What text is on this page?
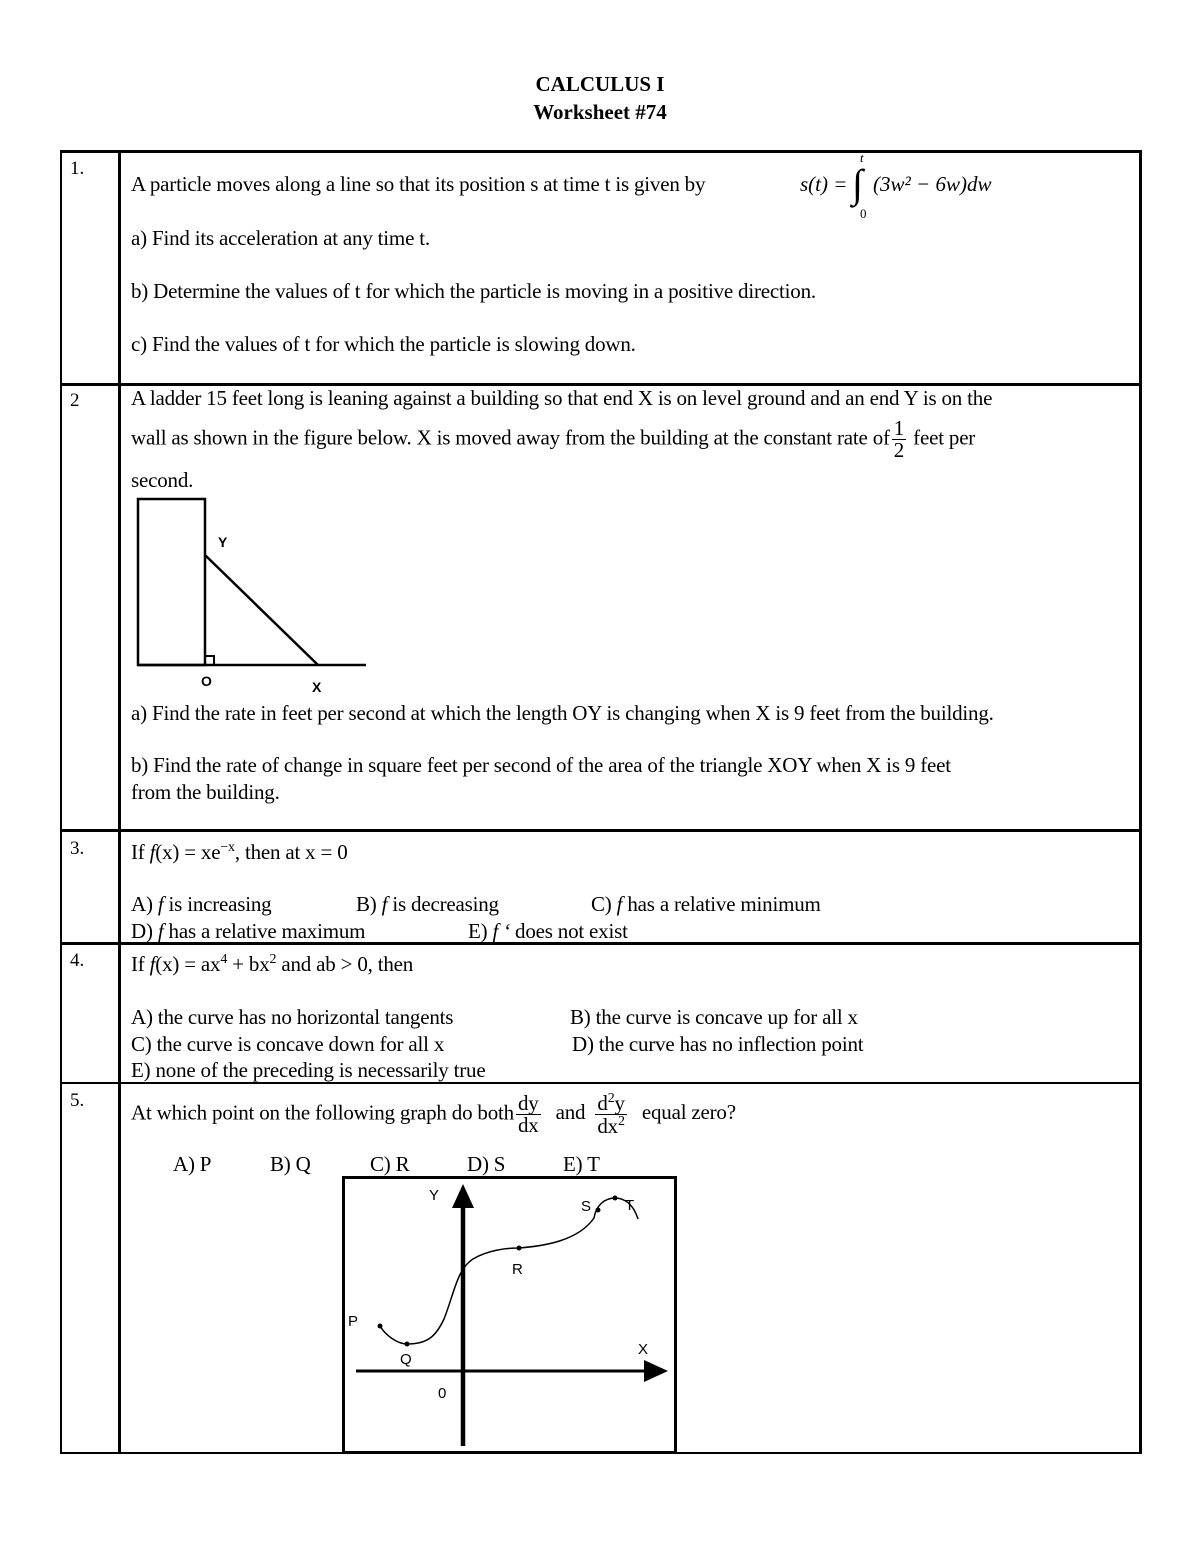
CALCULUS I
Worksheet #74
1.
A particle moves along a line so that its position s at time t is given by	s(t) =
t
∫
0
(3w² − 6w)dw
a) Find its acceleration at any time t.
b) Determine the values of t for which the particle is moving in a positive direction.
c) Find the values of t for which the particle is slowing down.
2 A ladder 15 feet long is leaning against a building so that end X is on level ground and an end Y is on the
wall as shown in the figure below. X is moved away from the building at the constant rate of $\frac{1}{2}$ feet per
second.
Y
O	X
a) Find the rate in feet per second at which the length OY is changing when X is 9 feet from the building.
b) Find the rate of change in square feet per second of the area of the triangle XOY when X is 9 feet
from the building.
3. If $f(x) = xe^{-x}$, then at x = 0
A) f is increasing	B) f is decreasing	C) f has a relative minimum
D) f has a relative maximum	E) f ‘ does not exist
4. If $f(x) = ax^4 + bx^2$ and ab > 0, then
A) the curve has no horizontal tangents	B) the curve is concave up for all x
C) the curve is concave down for all x	D) the curve has no inflection point
E) none of the preceding is necessarily true
5. At which point on the following graph do both $\frac{dy}{dx}$ and $\frac{d^2y}{dx^2}$ equal zero?
A) P	B) Q	C) R	D) S	E) T
Y
X
0
P
Q
R
S T
